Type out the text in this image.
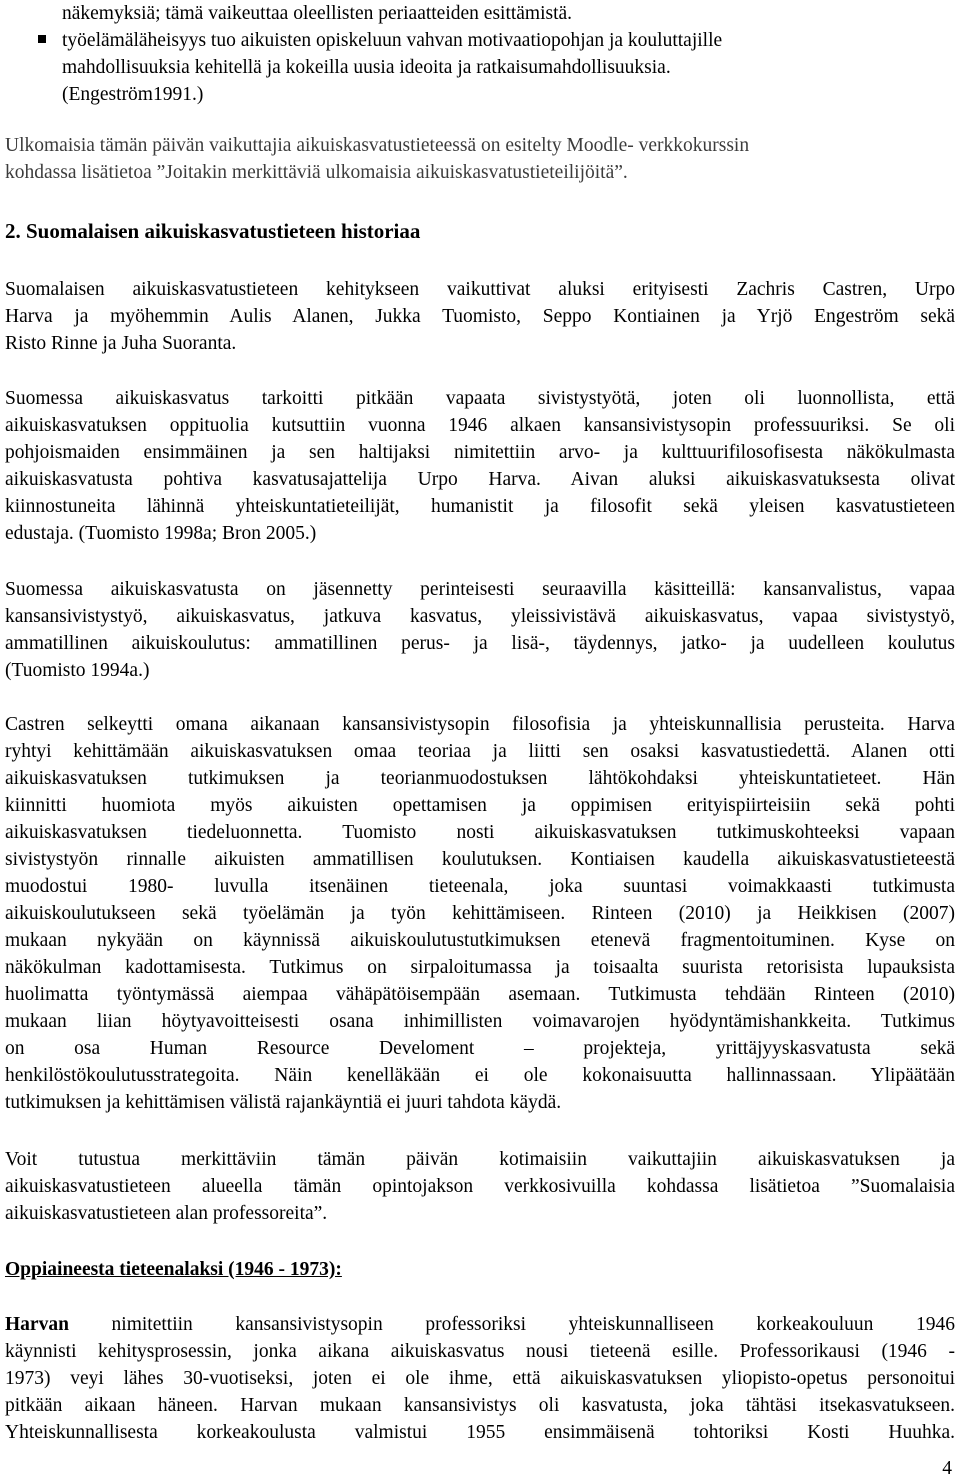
näkemyksiä; tämä vaikeuttaa oleellisten periaatteiden esittämistä.
työelämäläheisyys tuo aikuisten opiskeluun vahvan motivaatiopohjan ja kouluttajille
mahdollisuuksia kehitellä ja kokeilla uusia ideoita ja ratkaisumahdollisuuksia.
(Engeström1991.)
Ulkomaisia tämän päivän vaikuttajia aikuiskasvatustieteessä on esitelty Moodle- verkkokurssin
kohdassa lisätietoa ”Joitakin merkittäviä ulkomaisia aikuiskasvatustieteilijöitä”.
2. Suomalaisen aikuiskasvatustieteen historiaa
Suomalaisen aikuiskasvatustieteen kehitykseen vaikuttivat aluksi erityisesti Zachris Castren, Urpo
Harva ja myöhemmin Aulis Alanen, Jukka Tuomisto, Seppo Kontiainen ja Yrjö Engeström sekä
Risto Rinne ja Juha Suoranta.
Suomessa aikuiskasvatus tarkoitti pitkään vapaata sivistystyötä, joten oli luonnollista, että
aikuiskasvatuksen oppituolia kutsuttiin vuonna 1946 alkaen kansansivistysopin professuuriksi. Se oli
pohjoismaiden ensimmäinen ja sen haltijaksi nimitettiin arvo- ja kulttuurifilosofisesta näkökulmasta
aikuiskasvatusta pohtiva kasvatusajattelija Urpo Harva. Aivan aluksi aikuiskasvatuksesta olivat
kiinnostuneita lähinnä yhteiskuntatieteilijät, humanistit ja filosofit sekä yleisen kasvatustieteen
edustaja. (Tuomisto 1998a; Bron 2005.)
Suomessa aikuiskasvatusta on jäsennetty perinteisesti seuraavilla käsitteillä: kansanvalistus, vapaa
kansansivistystyö, aikuiskasvatus, jatkuva kasvatus, yleissivistävä aikuiskasvatus, vapaa sivistystyö,
ammatillinen aikuiskoulutus: ammatillinen perus- ja lisä-, täydennys, jatko- ja uudelleen koulutus
(Tuomisto 1994a.)
Castren selkeytti omana aikanaan kansansivistysopin filosofisia ja yhteiskunnallisia perusteita. Harva
ryhtyi kehittämään aikuiskasvatuksen omaa teoriaa ja liitti sen osaksi kasvatustiedettä. Alanen otti
aikuiskasvatuksen tutkimuksen ja teorianmuodostuksen lähtökohdaksi yhteiskuntatieteet. Hän
kiinnitti huomiota myös aikuisten opettamisen ja oppimisen erityispiirteisiin sekä pohti
aikuiskasvatuksen tiedeluonnetta. Tuomisto nosti aikuiskasvatuksen tutkimuskohteeksi vapaan
sivistystyön rinnalle aikuisten ammatillisen koulutuksen. Kontiaisen kaudella aikuiskasvatustieteestä
muodostui 1980- luvulla itsenäinen tieteenala, joka suuntasi voimakkaasti tutkimusta
aikuiskoulutukseen sekä työelämän ja työn kehittämiseen. Rinteen (2010) ja Heikkisen (2007)
mukaan nykyään on käynnissä aikuiskoulutustutkimuksen etenevä fragmentoituminen. Kyse on
näkökulman kadottamisesta. Tutkimus on sirpaloitumassa ja toisaalta suurista retorisista lupauksista
huolimatta työntymässä aiempaa vähäpätöisempään asemaan. Tutkimusta tehdään Rinteen (2010)
mukaan liian höytyavoitteisesti osana inhimillisten voimavarojen hyödyntämishankkeita. Tutkimus
on osa Human Resource Develoment – projekteja, yrittäjyyskasvatusta sekä
henkilöstökoulutusstrategoita. Näin kenelläkään ei ole kokonaisuutta hallinnassaan. Ylipäätään
tutkimuksen ja kehittämisen välistä rajankäyntiä ei juuri tahdota käydä.
Voit tutustua merkittäviin tämän päivän kotimaisiin vaikuttajiin aikuiskasvatuksen ja
aikuiskasvatustieteen alueella tämän opintojakson verkkosivuilla kohdassa lisätietoa ”Suomalaisia
aikuiskasvatustieteen alan professoreita”.
Oppiaineesta tieteenalaksi (1946 - 1973):
Harvan nimitettiin kansansivistysopin professoriksi yhteiskunnalliseen korkeakouluun 1946
käynnisti kehitysprosessin, jonka aikana aikuiskasvatus nousi tieteenä esille. Professorikausi (1946 -
1973) veyi lähes 30-vuotiseksi, joten ei ole ihme, että aikuiskasvatuksen yliopisto-opetus personoitui
pitkään aikaan häneen. Harvan mukaan kansansivistys oli kasvatusta, joka tähtäsi itsekasvatukseen.
Yhteiskunnallisesta korkeakoulusta valmistui 1955 ensimmäisenä tohtoriksi Kosti Huuhka.
4
